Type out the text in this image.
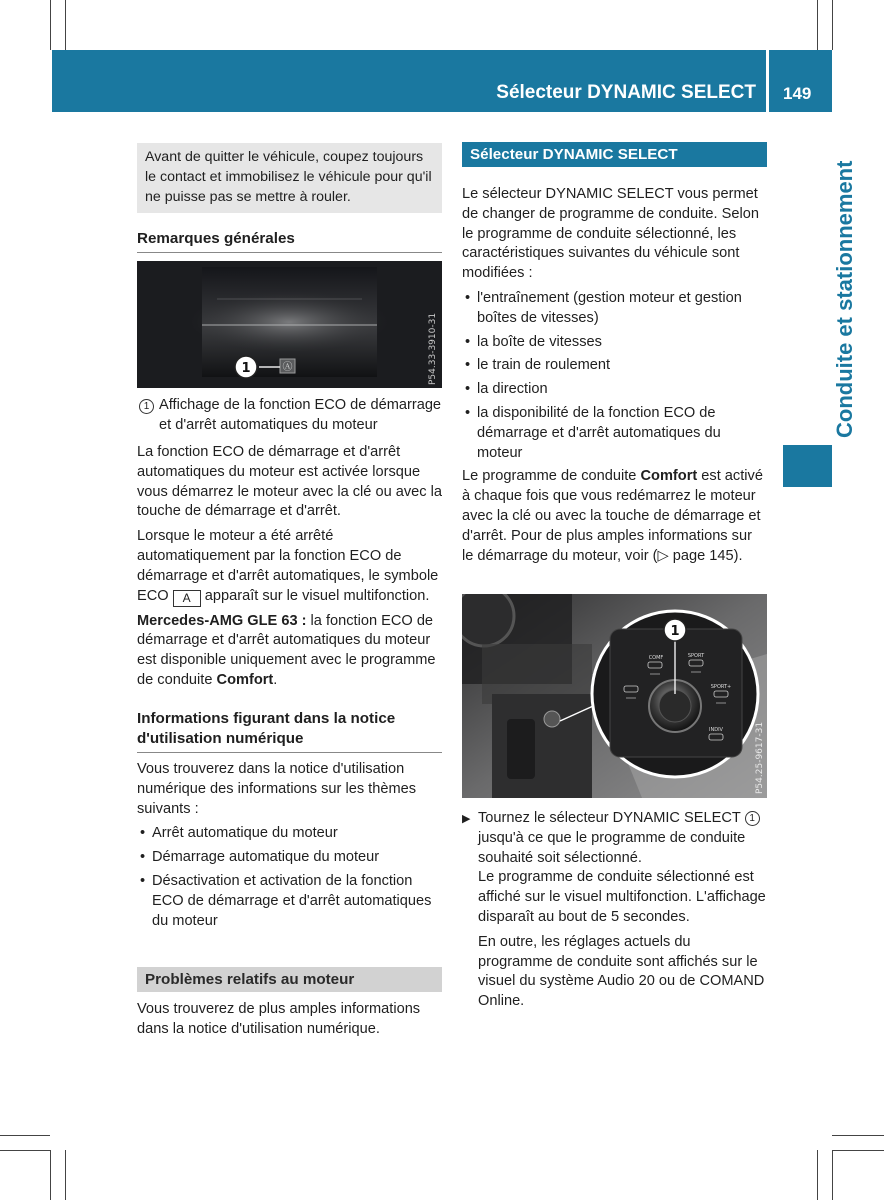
Sélecteur DYNAMIC SELECT 149
Conduite et stationnement
Avant de quitter le véhicule, coupez toujours le contact et immobilisez le véhicule pour qu'il ne puisse pas se mettre à rouler.
Remarques générales
Ⓐ
1	P54.33-3910-31
1 Affichage de la fonction ECO de démarrage et d'arrêt automatiques du moteur

La fonction ECO de démarrage et d'arrêt automatiques du moteur est activée lorsque vous démarrez le moteur avec la clé ou avec la touche de démarrage et d'arrêt.

Lorsque le moteur a été arrêté automatiquement par la fonction ECO de démarrage et d'arrêt automatiques, le symbole ECO A apparaît sur le visuel multifonction.

Mercedes-AMG GLE 63 : la fonction ECO de démarrage et d'arrêt automatiques du moteur est disponible uniquement avec le programme de conduite Comfort.

Informations figurant dans la notice d'utilisation numérique

Vous trouverez dans la notice d'utilisation numérique des informations sur les thèmes suivants :

• Arrêt automatique du moteur
• Démarrage automatique du moteur
• Désactivation et activation de la fonction ECO de démarrage et d'arrêt automatiques du moteur
Problèmes relatifs au moteur
Vous trouverez de plus amples informations dans la notice d'utilisation numérique.
Sélecteur DYNAMIC SELECT

Le sélecteur DYNAMIC SELECT vous permet de changer de programme de conduite. Selon le programme de conduite sélectionné, les caractéristiques suivantes du véhicule sont modifiées :

• l'entraînement (gestion moteur et gestion boîtes de vitesses)
• la boîte de vitesses
• le train de roulement
• la direction
• la disponibilité de la fonction ECO de démarrage et d'arrêt automatiques du moteur

Le programme de conduite Comfort est activé à chaque fois que vous redémarrez le moteur avec la clé ou avec la touche de démarrage et d'arrêt. Pour de plus amples informations sur le démarrage du moteur, voir (▷ page 145).

1
COMF	SPORT
SPORT+
INDIV	P54.25-9617-31
▶ Tournez le sélecteur DYNAMIC SELECT 1 jusqu'à ce que le programme de conduite souhaité soit sélectionné.
Le programme de conduite sélectionné est affiché sur le visuel multifonction. L'affichage disparaît au bout de 5 secondes.

En outre, les réglages actuels du programme de conduite sont affichés sur le visuel du système Audio 20 ou de COMAND Online.
